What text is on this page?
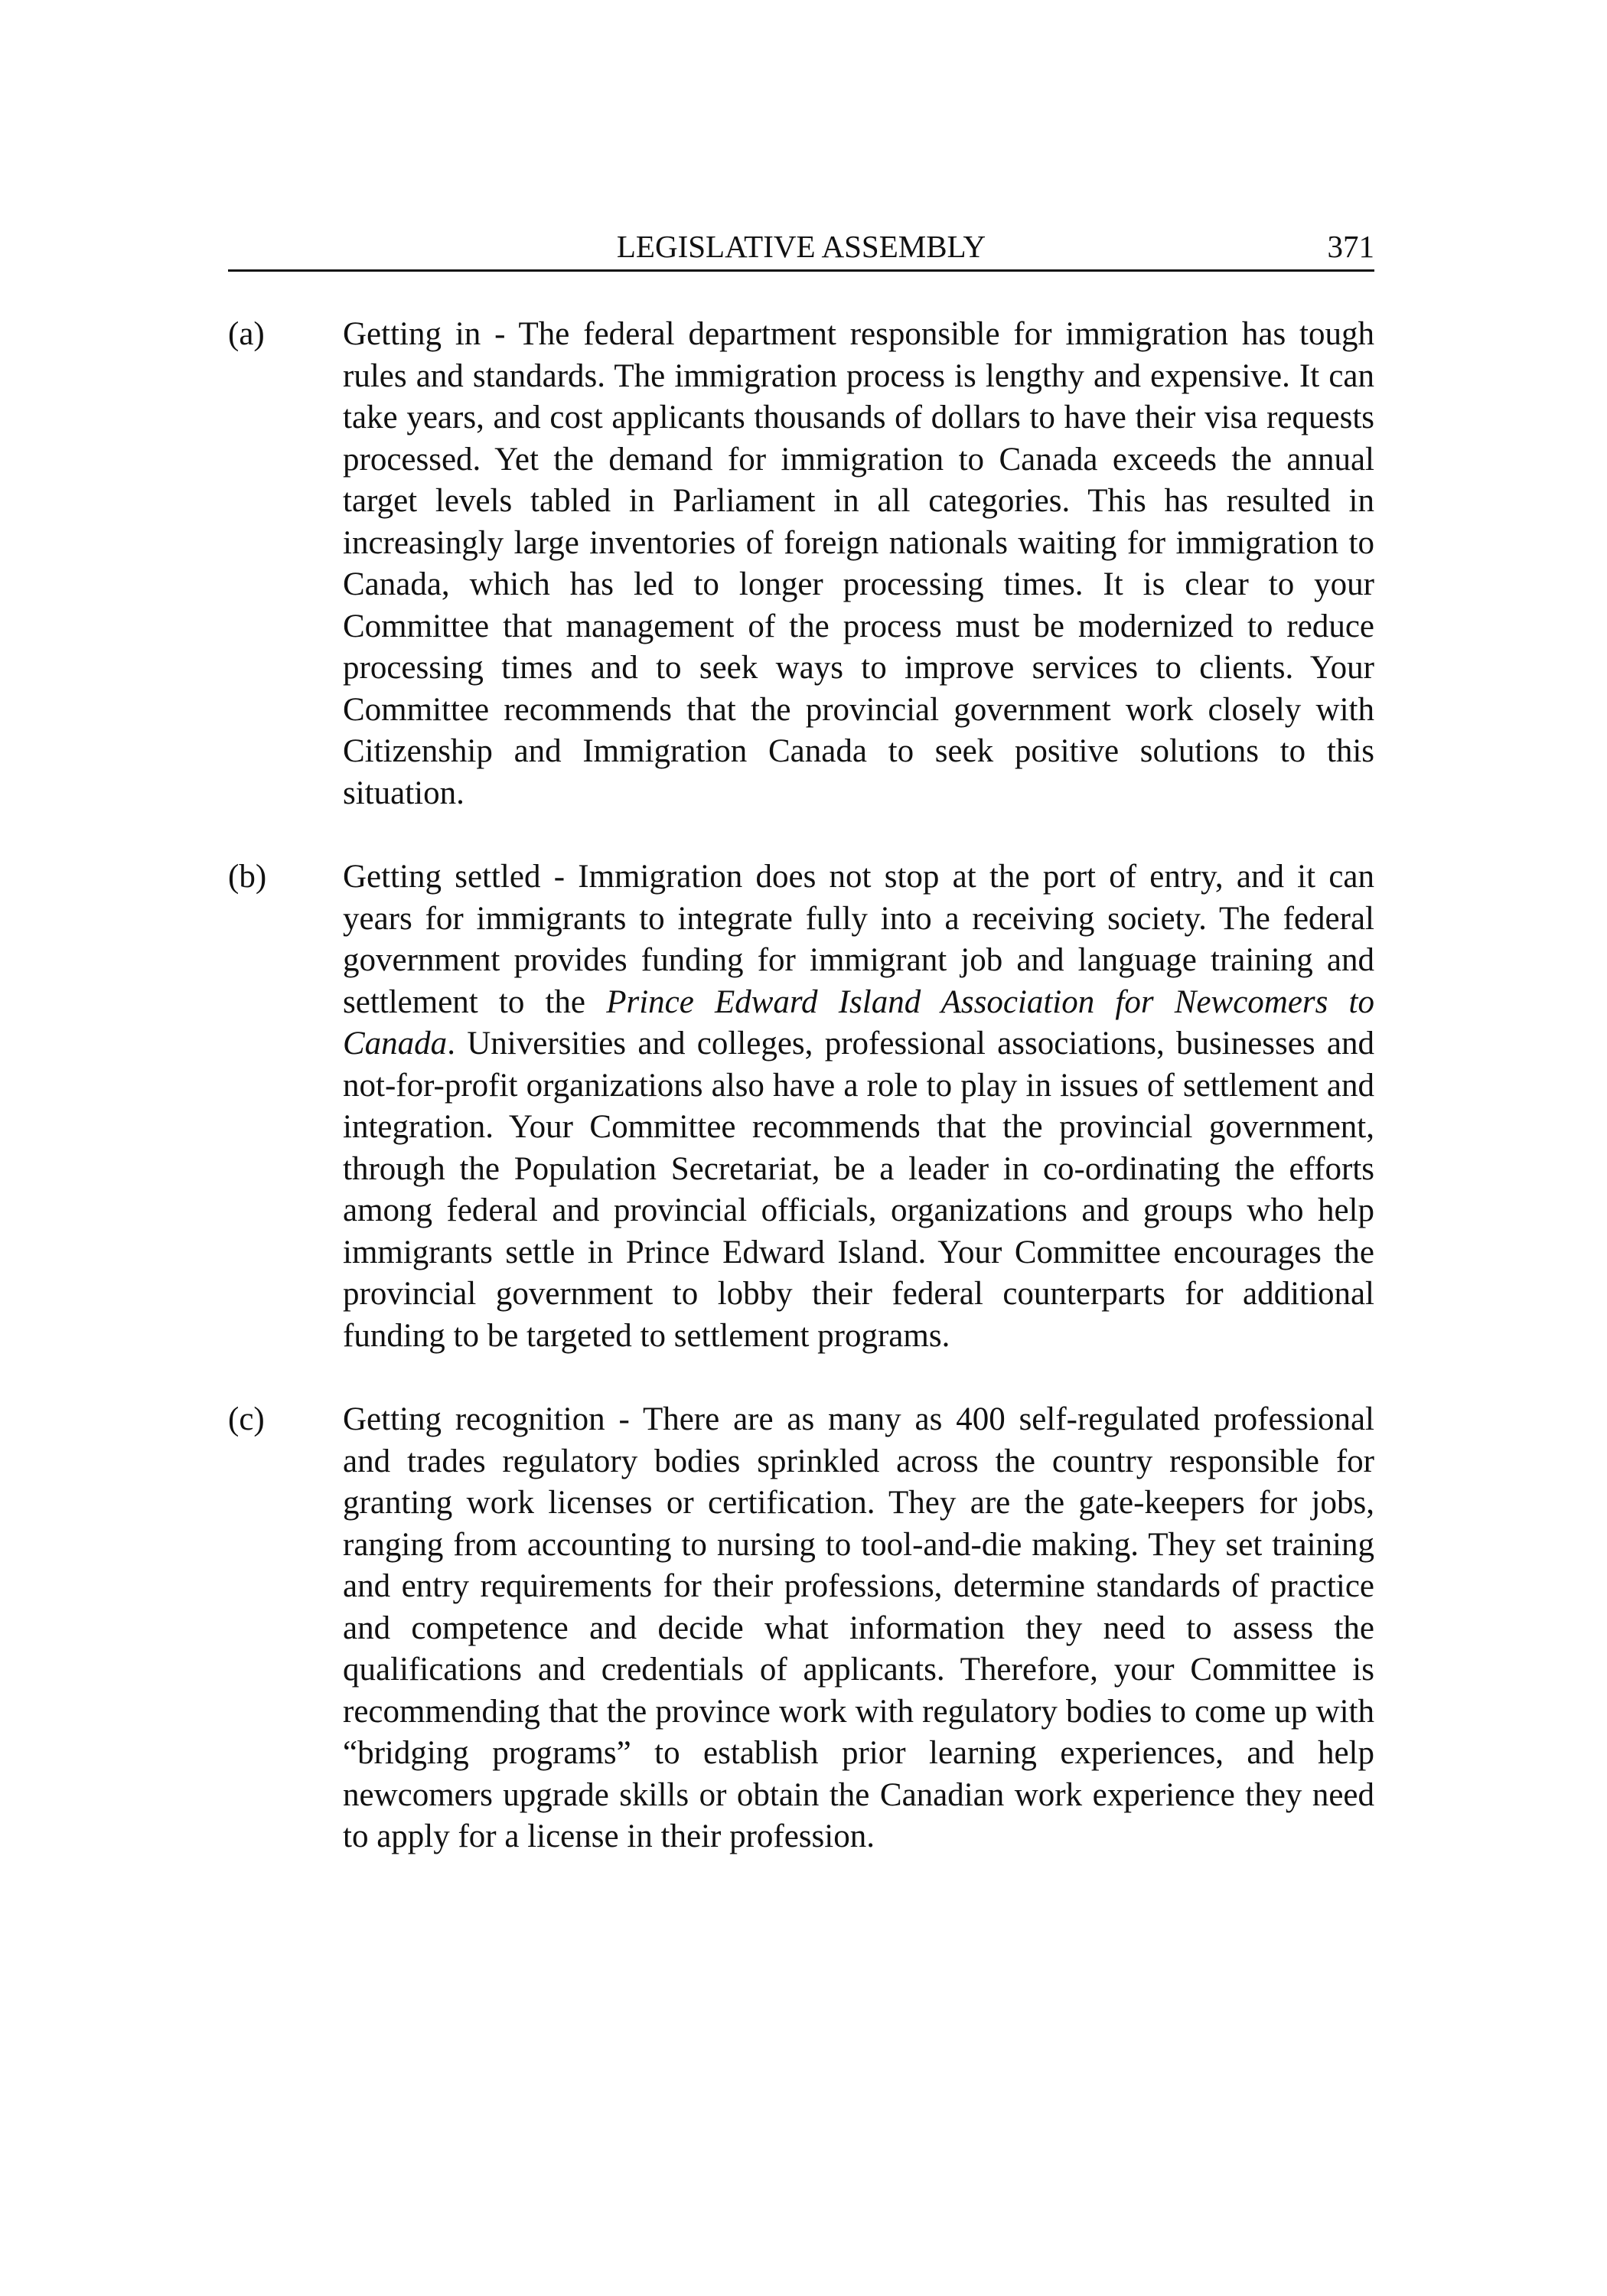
LEGISLATIVE ASSEMBLY	371
(a) Getting in - The federal department responsible for immigration has tough rules and standards. The immigration process is lengthy and expensive. It can take years, and cost applicants thousands of dollars to have their visa requests processed. Yet the demand for immigration to Canada exceeds the annual target levels tabled in Parliament in all categories. This has resulted in increasingly large inventories of foreign nationals waiting for immigration to Canada, which has led to longer processing times. It is clear to your Committee that management of the process must be modernized to reduce processing times and to seek ways to improve services to clients. Your Committee recommends that the provincial government work closely with Citizenship and Immigration Canada to seek positive solutions to this situation.

(b) Getting settled - Immigration does not stop at the port of entry, and it can years for immigrants to integrate fully into a receiving society. The federal government provides funding for immigrant job and language training and settlement to the Prince Edward Island Association for Newcomers to Canada. Universities and colleges, professional associations, businesses and not-for-profit organizations also have a role to play in issues of settlement and integration. Your Committee recommends that the provincial government, through the Population Secretariat, be a leader in co-ordinating the efforts among federal and provincial officials, organizations and groups who help immigrants settle in Prince Edward Island. Your Committee encourages the provincial government to lobby their federal counterparts for additional funding to be targeted to settlement programs.

(c) Getting recognition - There are as many as 400 self-regulated professional and trades regulatory bodies sprinkled across the country responsible for granting work licenses or certification. They are the gate-keepers for jobs, ranging from accounting to nursing to tool-and-die making. They set training and entry requirements for their professions, determine standards of practice and competence and decide what information they need to assess the qualifications and credentials of applicants. Therefore, your Committee is recommending that the province work with regulatory bodies to come up with “bridging programs” to establish prior learning experiences, and help newcomers upgrade skills or obtain the Canadian work experience they need to apply for a license in their profession.
